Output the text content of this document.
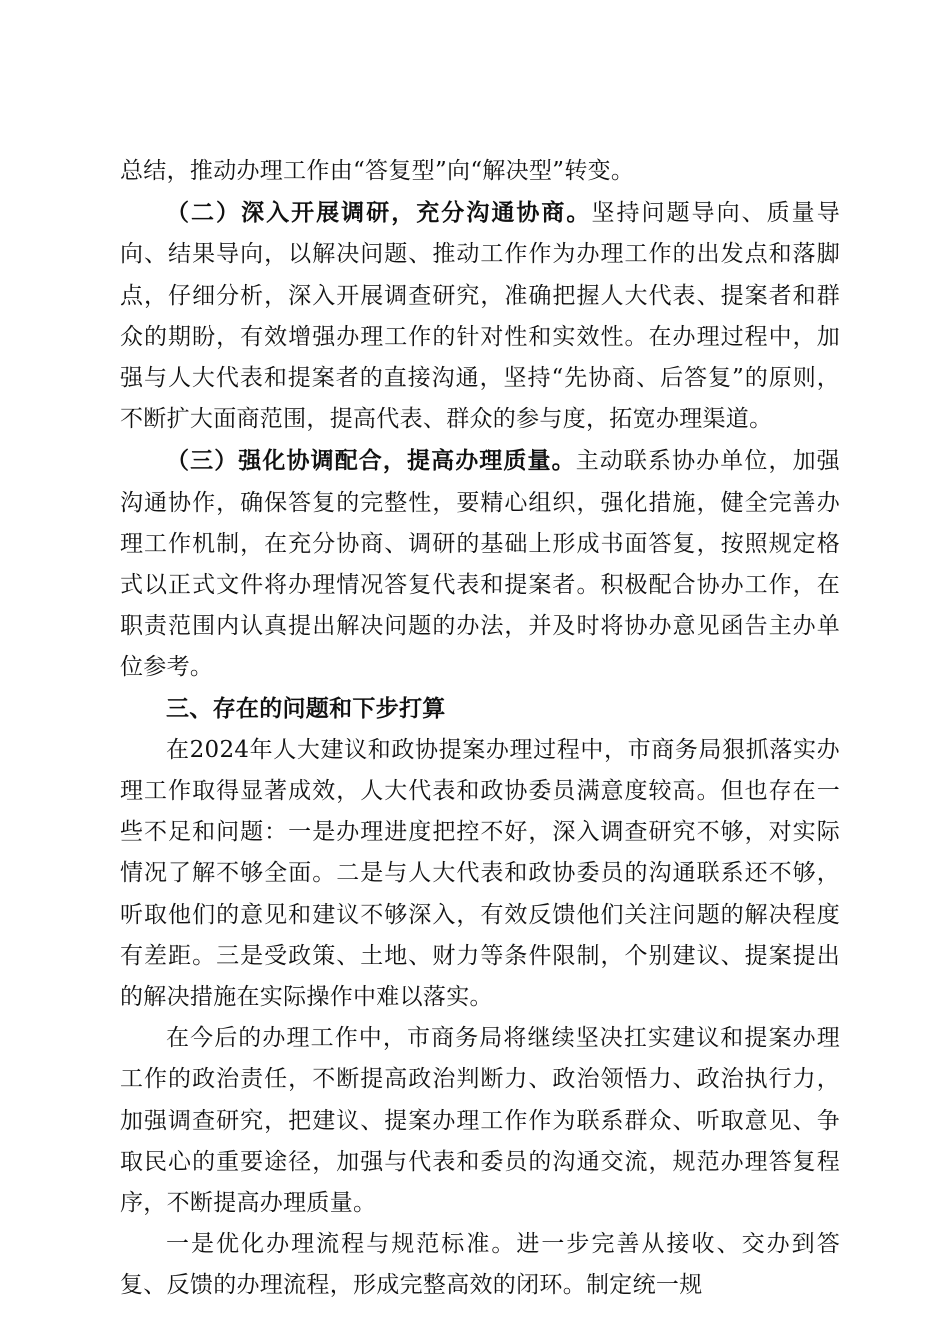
总结，推动办理工作由“答复型”向“解决型”转变。

（二）深入开展调研，充分沟通协商。坚持问题导向、质量导向、结果导向，以解决问题、推动工作作为办理工作的出发点和落脚点，仔细分析，深入开展调查研究，准确把握人大代表、提案者和群众的期盼，有效增强办理工作的针对性和实效性。在办理过程中，加强与人大代表和提案者的直接沟通，坚持“先协商、后答复”的原则，不断扩大面商范围，提高代表、群众的参与度，拓宽办理渠道。

（三）强化协调配合，提高办理质量。主动联系协办单位，加强沟通协作，确保答复的完整性，要精心组织，强化措施，健全完善办理工作机制，在充分协商、调研的基础上形成书面答复，按照规定格式以正式文件将办理情况答复代表和提案者。积极配合协办工作，在职责范围内认真提出解决问题的办法，并及时将协办意见函告主办单位参考。

三、存在的问题和下步打算

在2024年人大建议和政协提案办理过程中，市商务局狠抓落实办理工作取得显著成效，人大代表和政协委员满意度较高。但也存在一些不足和问题：一是办理进度把控不好，深入调查研究不够，对实际情况了解不够全面。二是与人大代表和政协委员的沟通联系还不够，听取他们的意见和建议不够深入，有效反馈他们关注问题的解决程度有差距。三是受政策、土地、财力等条件限制，个别建议、提案提出的解决措施在实际操作中难以落实。

在今后的办理工作中，市商务局将继续坚决扛实建议和提案办理工作的政治责任，不断提高政治判断力、政治领悟力、政治执行力，加强调查研究，把建议、提案办理工作作为联系群众、听取意见、争取民心的重要途径，加强与代表和委员的沟通交流，规范办理答复程序，不断提高办理质量。

一是优化办理流程与规范标准。进一步完善从接收、交办到答复、反馈的办理流程，形成完整高效的闭环。制定统一规
